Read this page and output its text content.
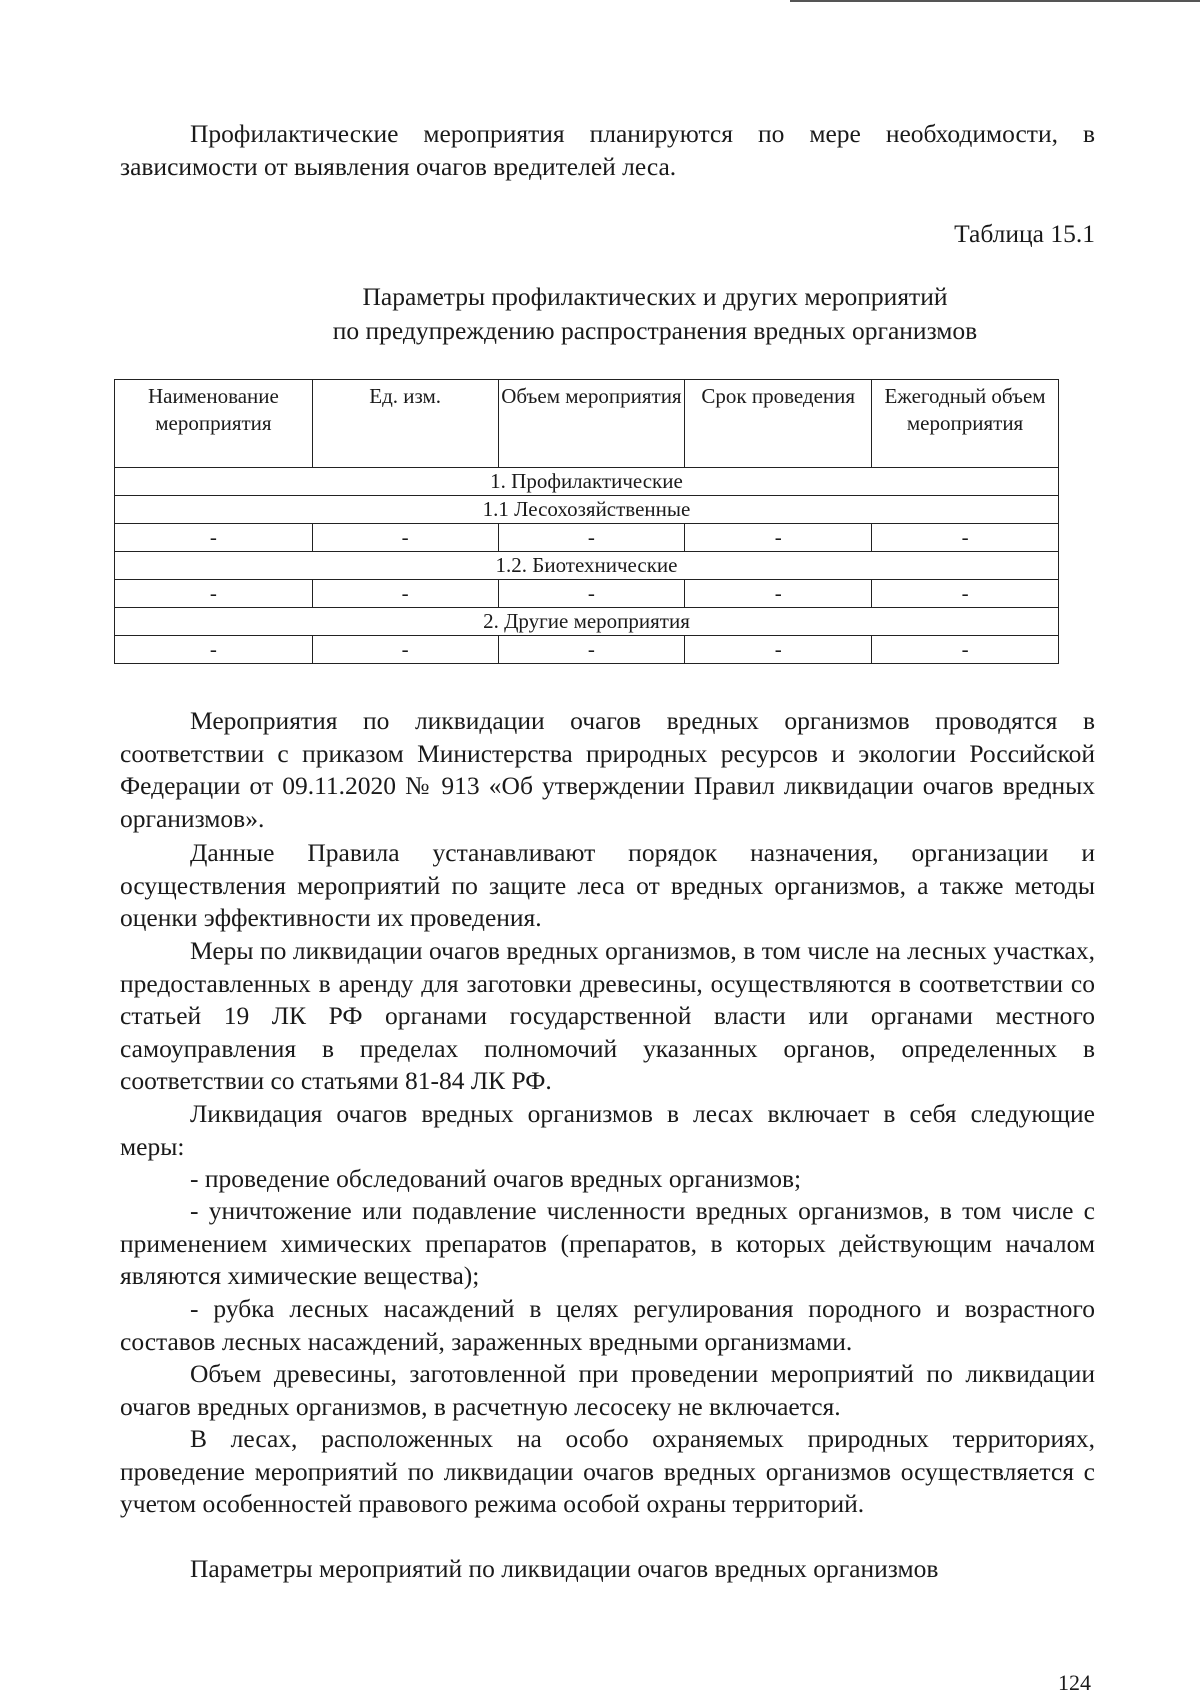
Профилактические мероприятия планируются по мере необходимости, в зависимости от выявления очагов вредителей леса.

Таблица 15.1
Параметры профилактических и других мероприятий
по предупреждению распространения вредных организмов
Наименование мероприятия	Ед. изм.	Объем мероприятия	Срок проведения	Ежегодный объем мероприятия
1. Профилактические				
1.1 Лесохозяйственные				
-	-	-	-	-
1.2. Биотехнические				
-	-	-	-	-
2. Другие мероприятия				
-	-	-	-	-

Мероприятия по ликвидации очагов вредных организмов проводятся в соответствии с приказом Министерства природных ресурсов и экологии Российской Федерации от 09.11.2020 № 913 «Об утверждении Правил ликвидации очагов вредных организмов».

Данные Правила устанавливают порядок назначения, организации и осуществления мероприятий по защите леса от вредных организмов, а также методы оценки эффективности их проведения.

Меры по ликвидации очагов вредных организмов, в том числе на лесных участках, предоставленных в аренду для заготовки древесины, осуществляются в соответствии со статьей 19 ЛК РФ органами государственной власти или органами местного самоуправления в пределах полномочий указанных органов, определенных в соответствии со статьями 81-84 ЛК РФ.

Ликвидация очагов вредных организмов в лесах включает в себя следующие меры:

- проведение обследований очагов вредных организмов;

- уничтожение или подавление численности вредных организмов, в том числе с применением химических препаратов (препаратов, в которых действующим началом являются химические вещества);

- рубка лесных насаждений в целях регулирования породного и возрастного составов лесных насаждений, зараженных вредными организмами.

Объем древесины, заготовленной при проведении мероприятий по ликвидации очагов вредных организмов, в расчетную лесосеку не включается.

В лесах, расположенных на особо охраняемых природных территориях, проведение мероприятий по ликвидации очагов вредных организмов осуществляется с учетом особенностей правового режима особой охраны территорий.

Параметры мероприятий по ликвидации очагов вредных организмов

124
